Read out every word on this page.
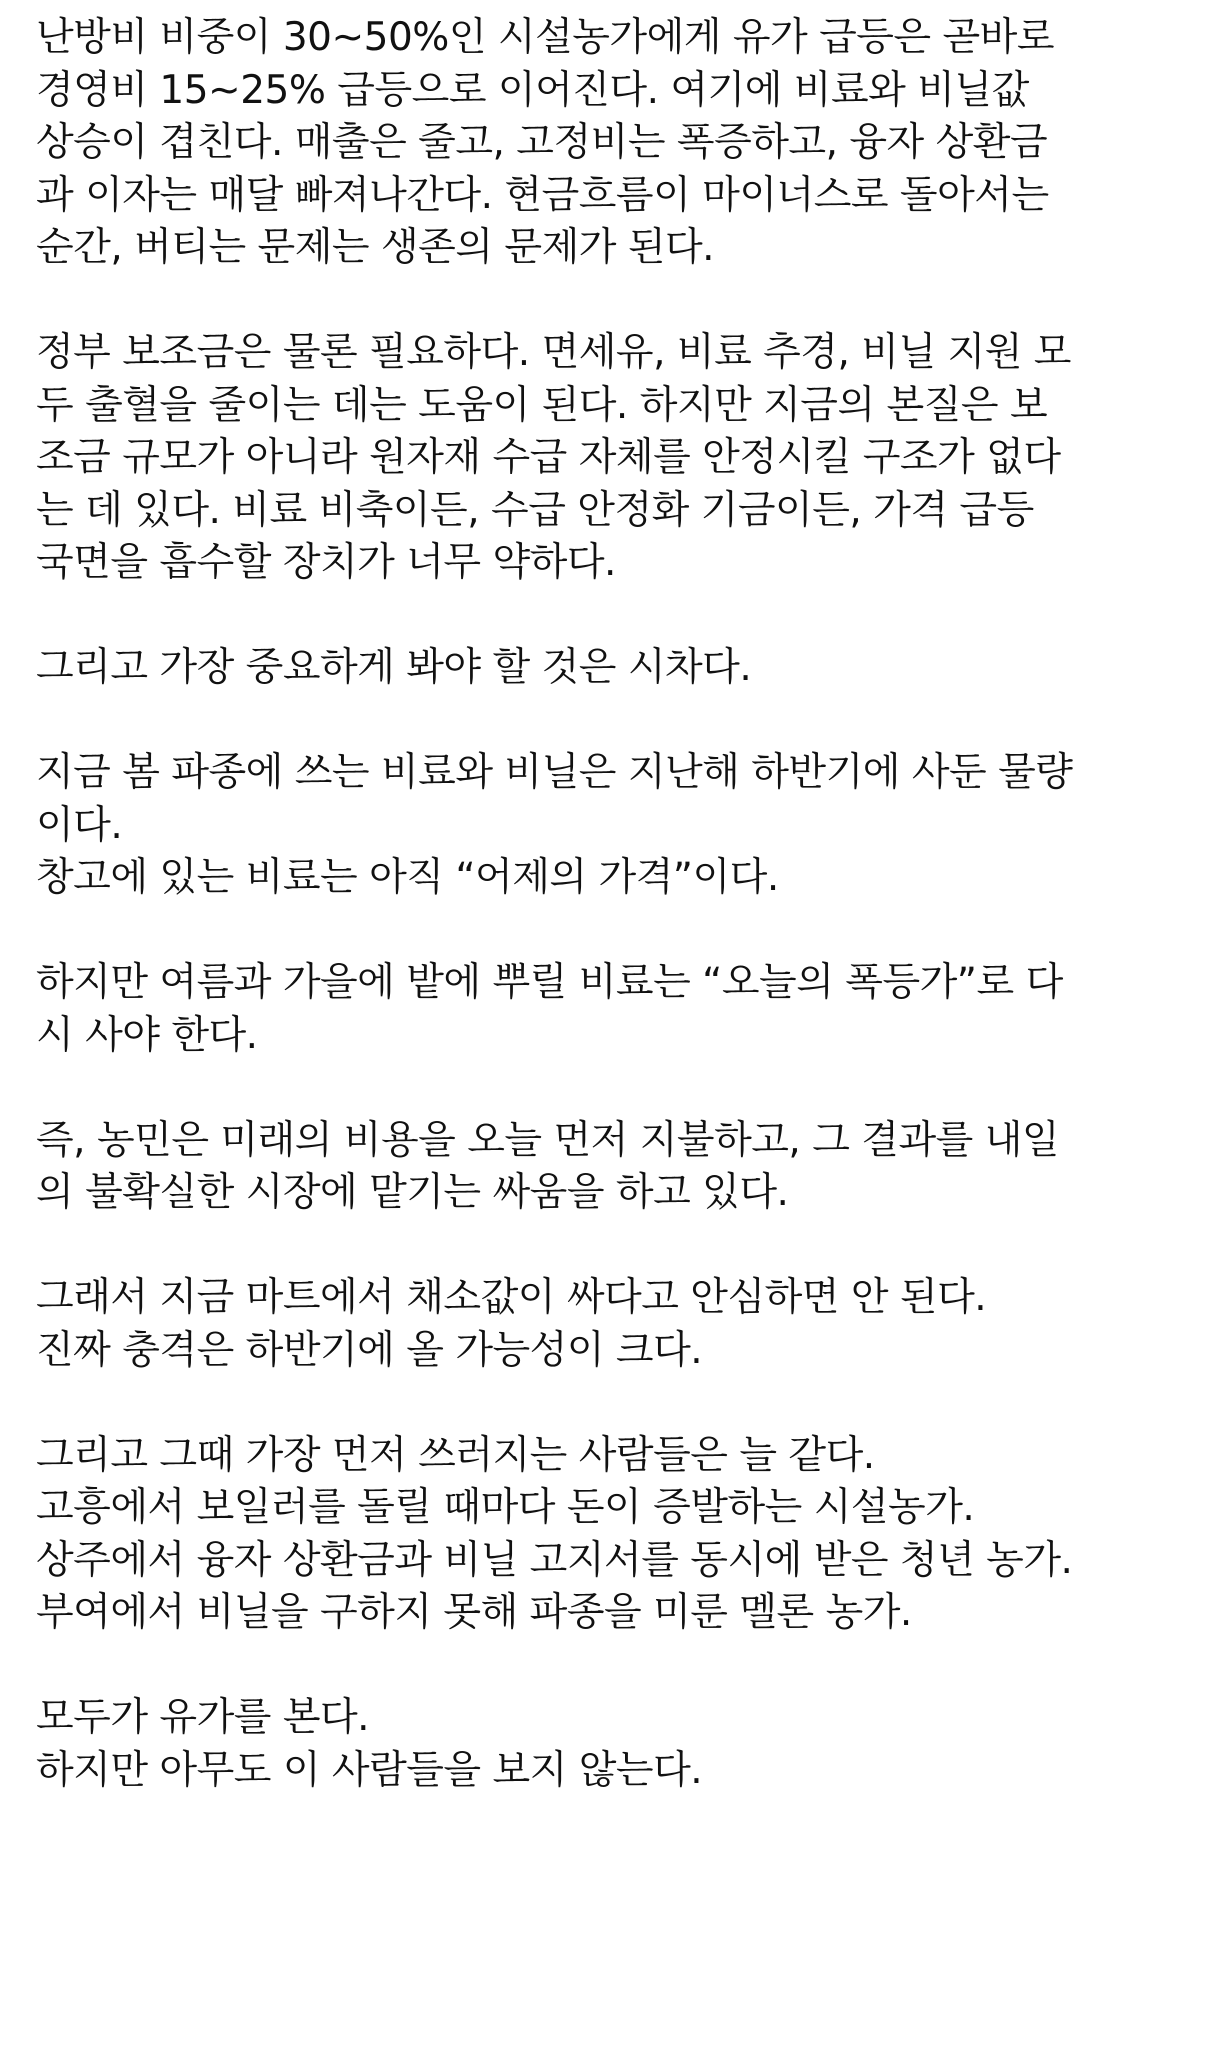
난방비 비중이 30~50%인 시설농가에게 유가 급등은 곧바로
경영비 15~25% 급등으로 이어진다. 여기에 비료와 비닐값
상승이 겹친다. 매출은 줄고, 고정비는 폭증하고, 융자 상환금
과 이자는 매달 빠져나간다. 현금흐름이 마이너스로 돌아서는
순간, 버티는 문제는 생존의 문제가 된다.
정부 보조금은 물론 필요하다. 면세유, 비료 추경, 비닐 지원 모
두 출혈을 줄이는 데는 도움이 된다. 하지만 지금의 본질은 보
조금 규모가 아니라 원자재 수급 자체를 안정시킬 구조가 없다
는 데 있다. 비료 비축이든, 수급 안정화 기금이든, 가격 급등
국면을 흡수할 장치가 너무 약하다.
그리고 가장 중요하게 봐야 할 것은 시차다.
지금 봄 파종에 쓰는 비료와 비닐은 지난해 하반기에 사둔 물량
이다.
창고에 있는 비료는 아직 “어제의 가격”이다.
하지만 여름과 가을에 밭에 뿌릴 비료는 “오늘의 폭등가”로 다
시 사야 한다.
즉, 농민은 미래의 비용을 오늘 먼저 지불하고, 그 결과를 내일
의 불확실한 시장에 맡기는 싸움을 하고 있다.
그래서 지금 마트에서 채소값이 싸다고 안심하면 안 된다.
진짜 충격은 하반기에 올 가능성이 크다.
그리고 그때 가장 먼저 쓰러지는 사람들은 늘 같다.
고흥에서 보일러를 돌릴 때마다 돈이 증발하는 시설농가.
상주에서 융자 상환금과 비닐 고지서를 동시에 받은 청년 농가.
부여에서 비닐을 구하지 못해 파종을 미룬 멜론 농가.
모두가 유가를 본다.
하지만 아무도 이 사람들을 보지 않는다.
